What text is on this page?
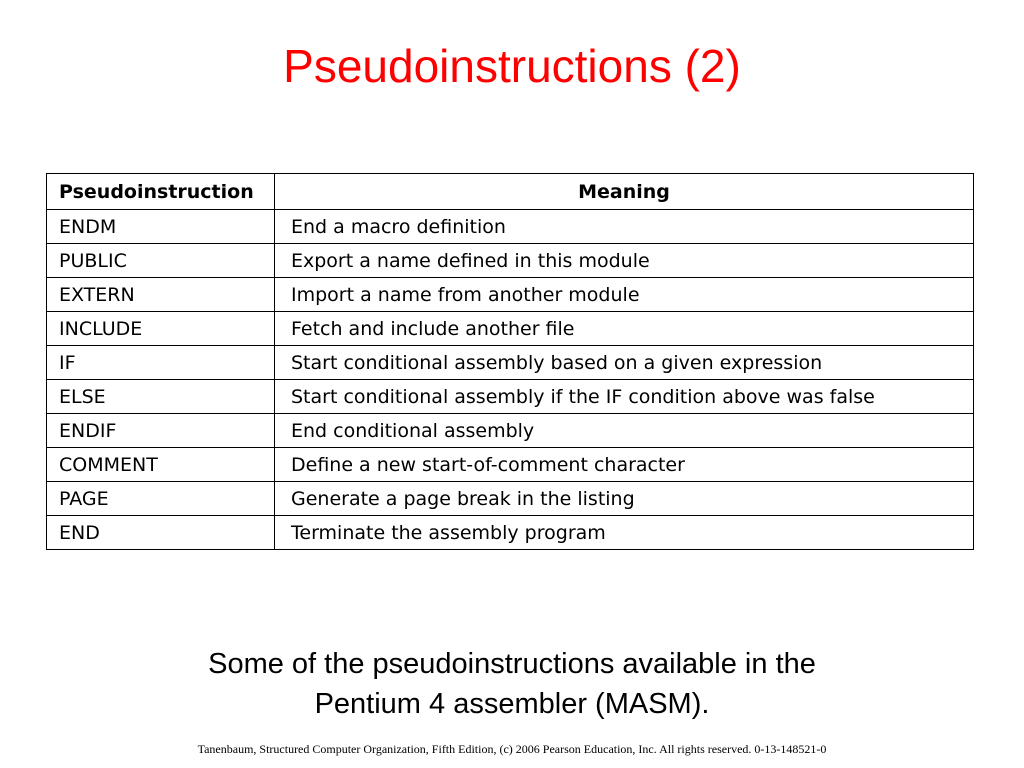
Pseudoinstructions (2)
Pseudoinstruction	Meaning
ENDM	End a macro definition
PUBLIC	Export a name defined in this module
EXTERN	Import a name from another module
INCLUDE	Fetch and include another file
IF	Start conditional assembly based on a given expression
ELSE	Start conditional assembly if the IF condition above was false
ENDIF	End conditional assembly
COMMENT	Define a new start-of-comment character
PAGE	Generate a page break in the listing
END	Terminate the assembly program
Some of the pseudoinstructions available in the
Pentium 4 assembler (MASM).
Tanenbaum, Structured Computer Organization, Fifth Edition, (c) 2006 Pearson Education, Inc. All rights reserved. 0-13-148521-0
